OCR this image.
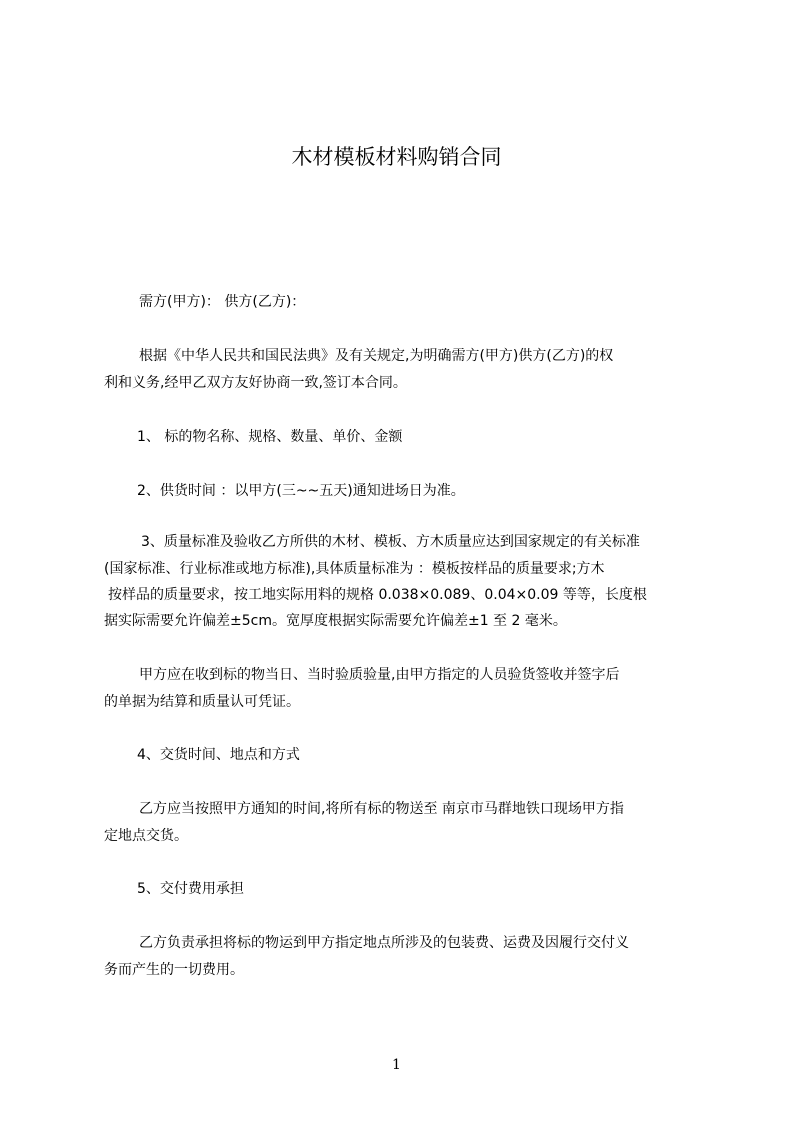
木材模板材料购销合同
需方(甲方)： 供方(乙方)：
根据《中华人民共和国民法典》及有关规定,为明确需方(甲方)供方(乙方)的权
利和义务,经甲乙双方友好协商一致,签订本合同。
1、 标的物名称、规格、数量、单价、金额
2、供货时间 ：以甲方(三~~五天)通知进场日为准。
3、质量标准及验收乙方所供的木材、模板、方木质量应达到国家规定的有关标准
(国家标准、行业标准或地方标准),具体质量标准为 ：模板按样品的质量要求;方木
按样品的质量要求，按工地实际用料的规格 0.038×0.089、0.04×0.09 等等，长度根
据实际需要允许偏差±5cm。宽厚度根据实际需要允许偏差±1 至 2 毫米。
甲方应在收到标的物当日、当时验质验量,由甲方指定的人员验货签收并签字后
的单据为结算和质量认可凭证。
4、交货时间、地点和方式
乙方应当按照甲方通知的时间,将所有标的物送至 南京市马群地铁口现场甲方指
定地点交货。
5、交付费用承担
乙方负责承担将标的物运到甲方指定地点所涉及的包装费、运费及因履行交付义
务而产生的一切费用。
1
